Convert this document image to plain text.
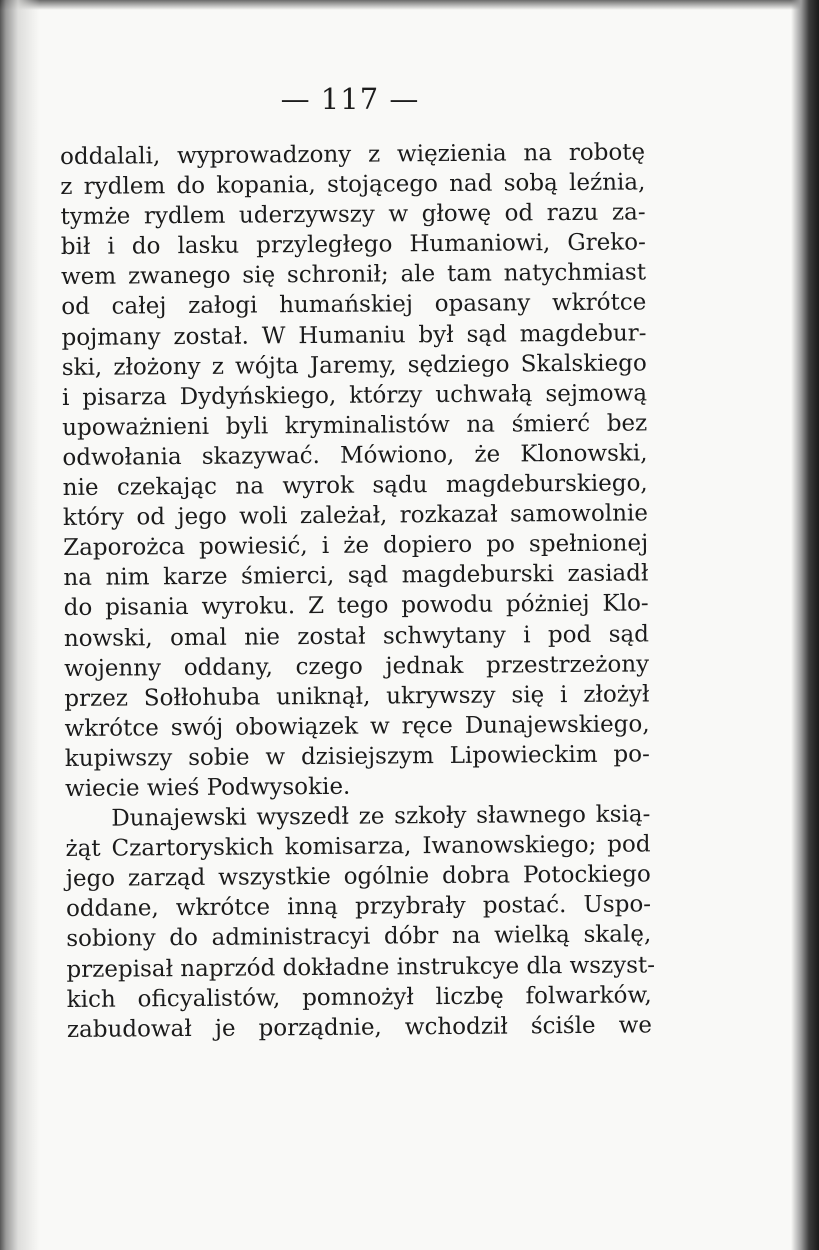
— 117 —
oddalali, wyprowadzony z więzienia na robotę
z rydlem do kopania, stojącego nad sobą leźnia,
tymże rydlem uderzywszy w głowę od razu za-
bił i do lasku przyległego Humaniowi, Greko-
wem zwanego się schronił; ale tam natychmiast
od całej załogi humańskiej opasany wkrótce
pojmany został. W Humaniu był sąd magdebur-
ski, złożony z wójta Jaremy, sędziego Skalskiego
i pisarza Dydyńskiego, którzy uchwałą sejmową
upoważnieni byli kryminalistów na śmierć bez
odwołania skazywać. Mówiono, że Klonowski,
nie czekając na wyrok sądu magdeburskiego,
który od jego woli zależał, rozkazał samowolnie
Zaporożca powiesić, i że dopiero po spełnionej
na nim karze śmierci, sąd magdeburski zasiadł
do pisania wyroku. Z tego powodu póżniej Klo-
nowski, omal nie został schwytany i pod sąd
wojenny oddany, czego jednak przestrzeżony
przez Sołłohuba uniknął, ukrywszy się i złożył
wkrótce swój obowiązek w ręce Dunajewskiego,
kupiwszy sobie w dzisiejszym Lipowieckim po-
wiecie wieś Podwysokie.
Dunajewski wyszedł ze szkoły sławnego ksią-
żąt Czartoryskich komisarza, Iwanowskiego; pod
jego zarząd wszystkie ogólnie dobra Potockiego
oddane, wkrótce inną przybrały postać. Uspo-
sobiony do administracyi dóbr na wielką skalę,
przepisał naprzód dokładne instrukcye dla wszyst-
kich oficyalistów, pomnożył liczbę folwarków,
zabudował je porządnie, wchodził ściśle we
